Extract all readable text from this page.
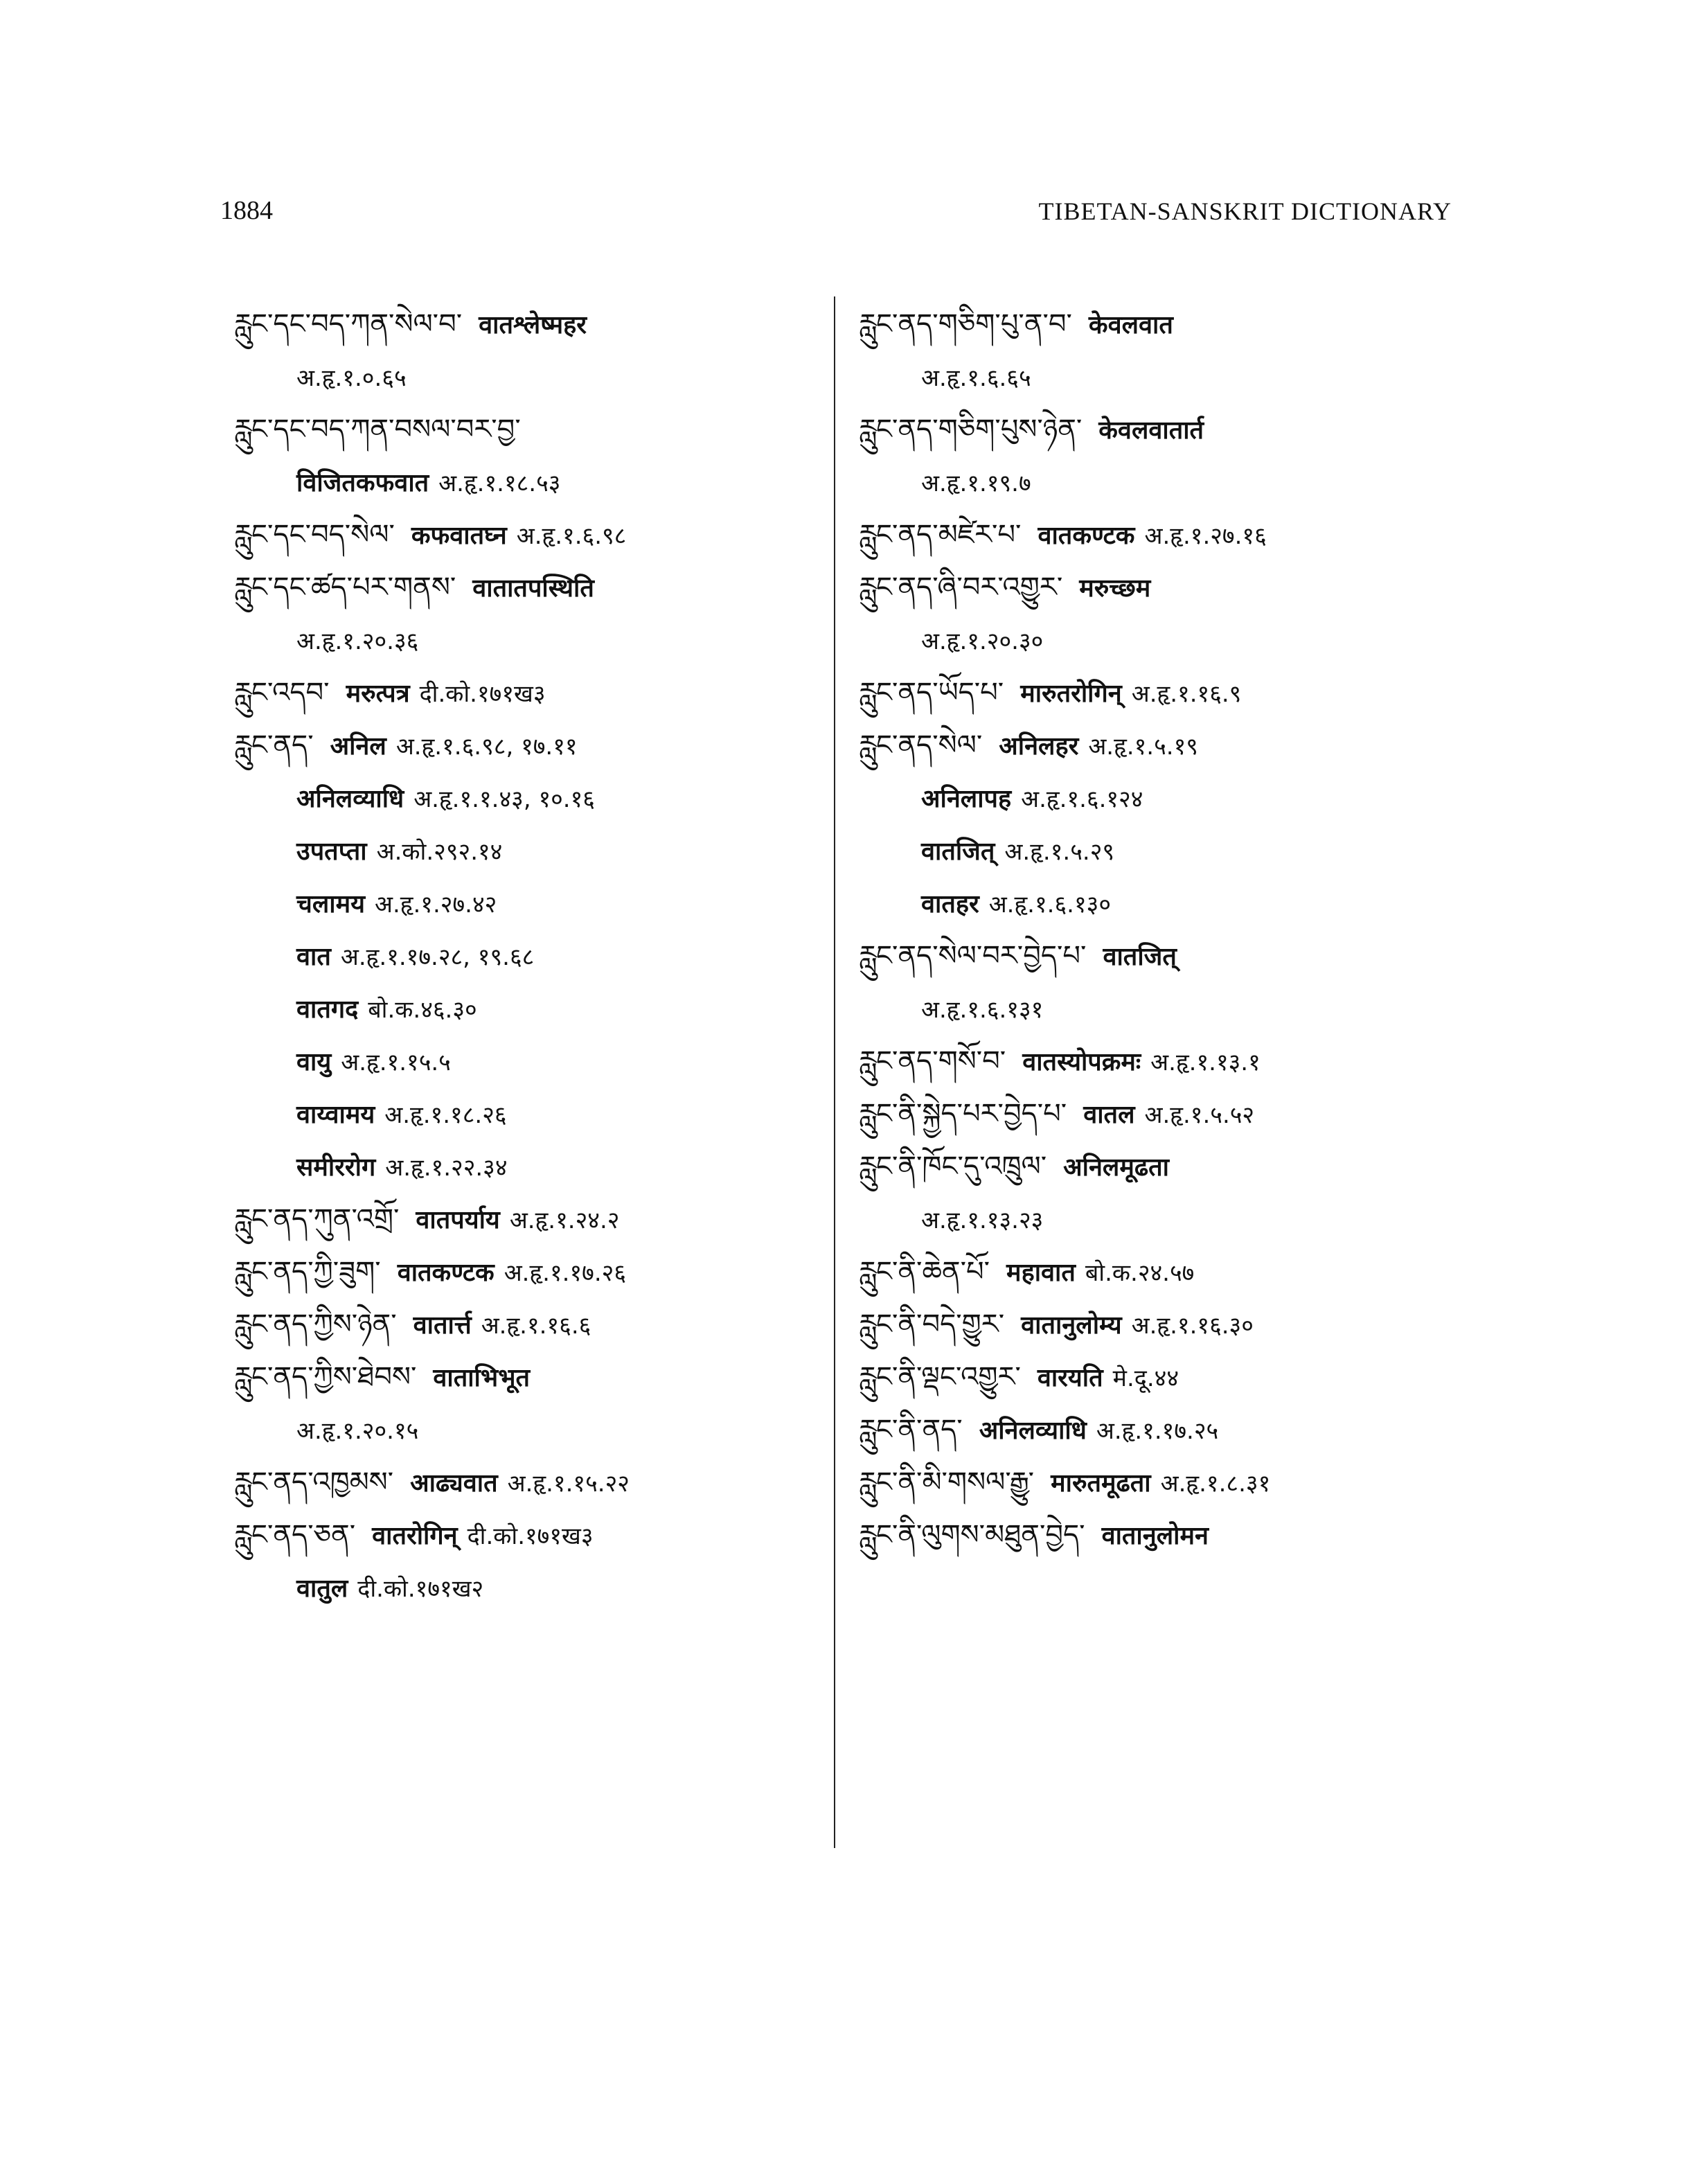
1884	TIBETAN-SANSKRIT DICTIONARY
རླུང་དང་བད་ཀན་སེལ་བ་ वातश्लेष्महर
अ.हृ.१.०.६५
རླུང་དང་བད་ཀན་བསལ་བར་བྱ་
विजितकफवात अ.हृ.१.१८.५३
རླུང་དང་བད་སེལ་ कफवातघ्न अ.हृ.१.६.९८
རླུང་དང་ཚད་པར་གནས་ वातातपस्थिति
अ.हृ.१.२०.३६
རླུང་འདབ་ मरुत्पत्र दी.को.१७१ख३
རླུང་ནད་ अनिल अ.हृ.१.६.९८, १७.११
अनिलव्याधि अ.हृ.१.१.४३, १०.१६
उपतप्ता अ.को.२९२.१४
चलामय अ.हृ.१.२७.४२
वात अ.हृ.१.१७.२८, १९.६८
वातगद बो.क.४६.३०
वायु अ.हृ.१.१५.५
वाय्वामय अ.हृ.१.१८.२६
समीररोग अ.हृ.१.२२.३४
རླུང་ནད་ཀུན་འགྲོ་ वातपर्याय अ.हृ.१.२४.२
རླུང་ནད་ཀྱི་ཟུག་ वातकण्टक अ.हृ.१.१७.२६
རླུང་ནད་ཀྱིས་ཉེན་ वातार्त्त अ.हृ.१.१६.६
རླུང་ནད་ཀྱིས་ཐེབས་ वाताभिभूत
अ.हृ.१.२०.१५
རླུང་ནད་འཁྱམས་ आढ्यवात अ.हृ.१.१५.२२
རླུང་ནད་ཅན་ वातरोगिन् दी.को.१७१ख३
वातुल दी.को.१७१ख२
རླུང་ནད་གཅིག་པུ་ན་བ་ केवलवात
अ.हृ.१.६.६५
རླུང་ནད་གཅིག་པུས་ཉེན་ केवलवातार्त
अ.हृ.१.१९.७
རླུང་ནད་མཛེར་པ་ वातकण्टक अ.हृ.१.२७.१६
རླུང་ནད་ཞི་བར་འགྱུར་ मरुच्छम
अ.हृ.१.२०.३०
རླུང་ནད་ཡོད་པ་ मारुतरोगिन् अ.हृ.१.१६.९
རླུང་ནད་སེལ་ अनिलहर अ.हृ.१.५.१९
अनिलापह अ.हृ.१.६.१२४
वातजित् अ.हृ.१.५.२९
वातहर अ.हृ.१.६.१३०
རླུང་ནད་སེལ་བར་བྱེད་པ་ वातजित्
अ.हृ.१.६.१३१
རླུང་ནད་གསོ་བ་ वातस्योपक्रमः अ.हृ.१.१३.१
རླུང་ནི་སྐྱེད་པར་བྱེད་པ་ वातल अ.हृ.१.५.५२
རླུང་ནི་ཁོང་དུ་འཁྲུལ་ अनिलमूढता
अ.हृ.१.१३.२३
རླུང་ནི་ཆེན་པོ་ महावात बो.क.२४.५७
རླུང་ནི་བདེ་གྱུར་ वातानुलोम्य अ.हृ.१.१६.३०
རླུང་ནི་ལྡང་འགྱུར་ वारयति मे.दू.४४
རླུང་ནི་ནད་ अनिलव्याधि अ.हृ.१.१७.२५
རླུང་ནི་མི་གསལ་རྒྱུ་ मारुतमूढता अ.हृ.१.८.३१
རླུང་ནི་ལུགས་མཐུན་བྱེད་ वातानुलोमन
